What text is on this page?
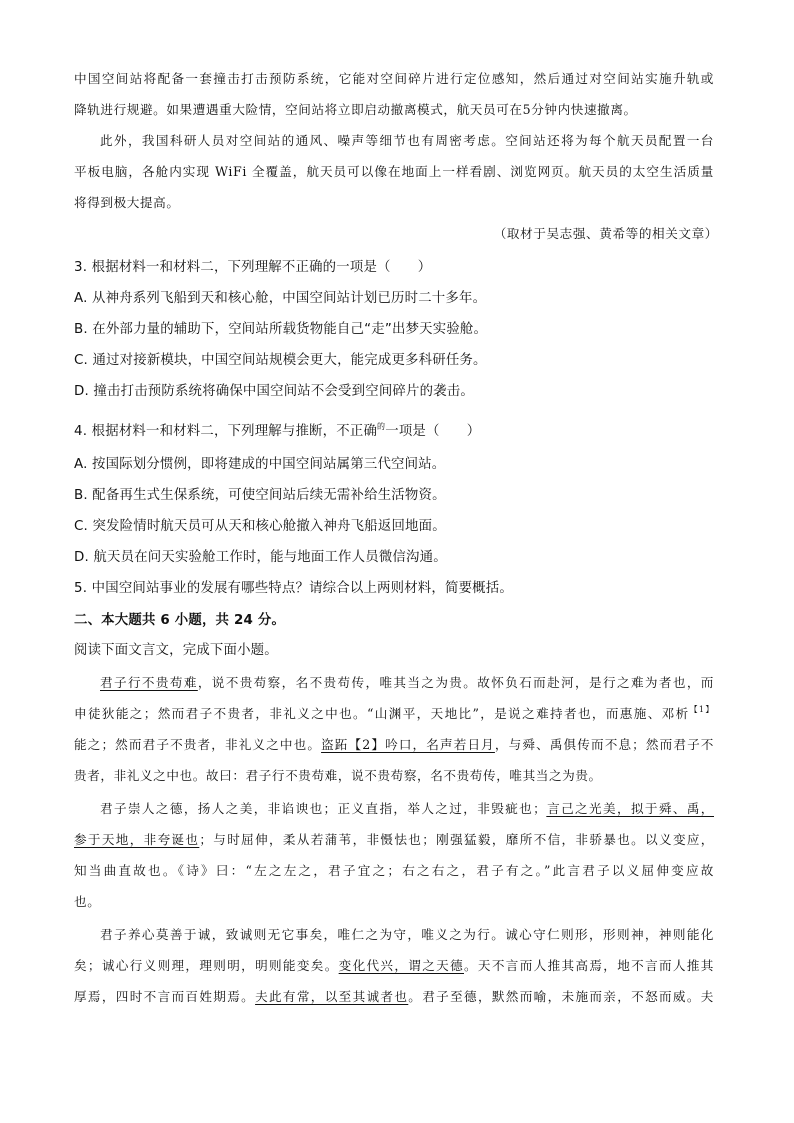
中国空间站将配备一套撞击打击预防系统，它能对空间碎片进行定位感知，然后通过对空间站实施升轨或
降轨进行规避。如果遭遇重大险情，空间站将立即启动撤离模式，航天员可在5分钟内快速撤离。
此外，我国科研人员对空间站的通风、噪声等细节也有周密考虑。空间站还将为每个航天员配置一台
平板电脑，各舱内实现 WiFi 全覆盖，航天员可以像在地面上一样看剧、浏览网页。航天员的太空生活质量
将得到极大提高。
（取材于吴志强、黄希等的相关文章）
3. 根据材料一和材料二，下列理解不正确的一项是（　　）
A. 从神舟系列飞船到天和核心舱，中国空间站计划已历时二十多年。
B. 在外部力量的辅助下，空间站所载货物能自己“走”出梦天实验舱。
C. 通过对接新模块，中国空间站规模会更大，能完成更多科研任务。
D. 撞击打击预防系统将确保中国空间站不会受到空间碎片的袭击。
4. 根据材料一和材料二，下列理解与推断，不正确$^的$一项是（　　）
A. 按国际划分惯例，即将建成的中国空间站属第三代空间站。
B. 配备再生式生保系统，可使空间站后续无需补给生活物资。
C. 突发险情时航天员可从天和核心舱撤入神舟飞船返回地面。
D. 航天员在问天实验舱工作时，能与地面工作人员微信沟通。
5. 中国空间站事业的发展有哪些特点？请综合以上两则材料，简要概括。
二、本大题共 6 小题，共 24 分。
阅读下面文言文，完成下面小题。
君子行不贵苟难，说不贵苟察，名不贵苟传，唯其当之为贵。故怀负石而赴河，是行之难为者也，而
申徒狄能之；然而君子不贵者，非礼义之中也。“山渊平，天地比”，是说之难持者也，而惠施、邓析$^{【1】}$
能之；然而君子不贵者，非礼义之中也。盗跖【2】吟口，名声若日月，与舜、禹俱传而不息；然而君子不
贵者，非礼义之中也。故曰：君子行不贵苟难，说不贵苟察，名不贵苟传，唯其当之为贵。
君子崇人之德，扬人之美，非谄谀也；正义直指，举人之过，非毁疵也；言己之光美，拟于舜、禹，
参于天地，非夸诞也；与时屈伸，柔从若蒲苇，非慑怯也；刚强猛毅，靡所不信，非骄暴也。以义变应，
知当曲直故也。《诗》曰：“左之左之，君子宜之；右之右之，君子有之。”此言君子以义屈伸变应故
也。
君子养心莫善于诚，致诚则无它事矣，唯仁之为守，唯义之为行。诚心守仁则形，形则神，神则能化
矣；诚心行义则理，理则明，明则能变矣。变化代兴，谓之天德。天不言而人推其高焉，地不言而人推其
厚焉，四时不言而百姓期焉。夫此有常，以至其诚者也。君子至德，默然而喻，未施而亲，不怒而威。夫
